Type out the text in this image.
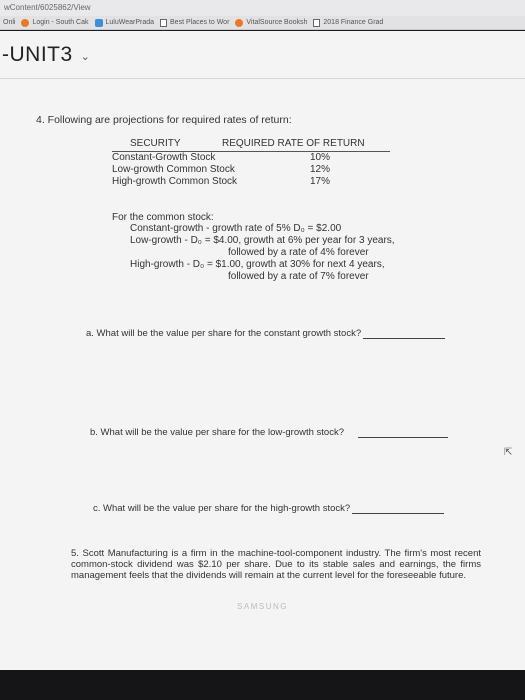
wContent/6025862/View
Onli Login - South Cak LuluWearPrada Best Places to Wor VitalSource Booksh 2018 Finance Grad
-UNIT3 ⌄
4. Following are projections for required rates of return:
SECURITY	REQUIRED RATE OF RETURN
Constant-Growth Stock	10%
Low-growth Common Stock	12%
High-growth Common Stock	17%
For the common stock:
Constant-growth - growth rate of 5% D₀ = $2.00
Low-growth - D₀ = $4.00, growth at 6% per year for 3 years,
followed by a rate of 4% forever
High-growth - D₀ = $1.00, growth at 30% for next 4 years,
followed by a rate of 7% forever
a. What will be the value per share for the constant growth stock?
b. What will be the value per share for the low-growth stock?
c. What will be the value per share for the high-growth stock?
5. Scott Manufacturing is a firm in the machine-tool-component industry. The firm's most recent common-stock dividend was $2.10 per share. Due to its stable sales and earnings, the firms management feels that the dividends will remain at the current level for the foreseeable future.
⇱
SAMSUNG
